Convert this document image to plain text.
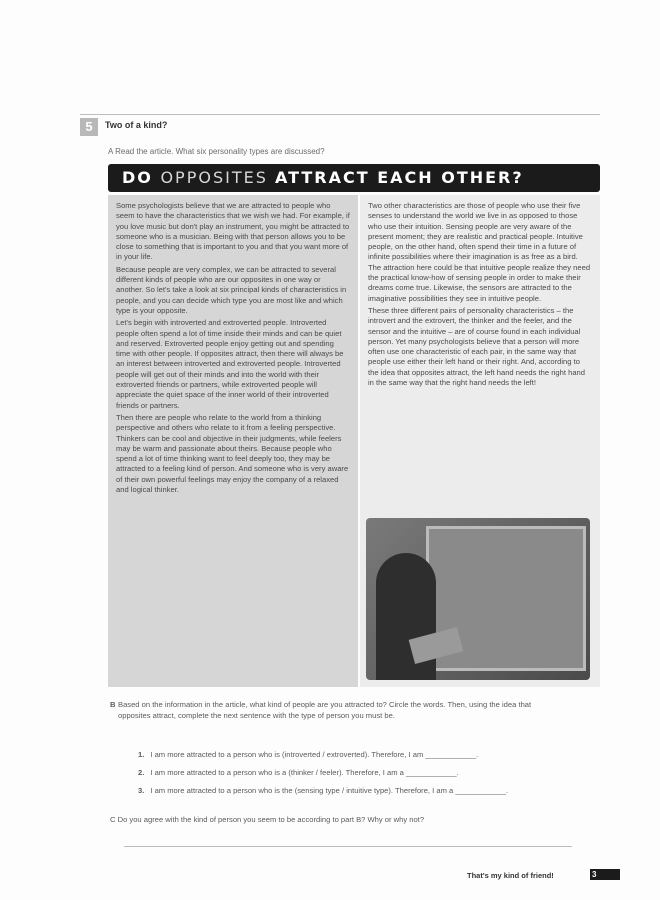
5	Two of a kind?
A Read the article. What six personality types are discussed?
DO OPPOSITES ATTRACT EACH OTHER?

Some psychologists believe that we are attracted to people who seem to have the characteristics that we wish we had. For example, if you love music but don't play an instrument, you might be attracted to someone who is a musician. Being with that person allows you to be close to something that is important to you and that you want more of in your life.

Because people are very complex, we can be attracted to several different kinds of people who are our opposites in one way or another. So let's take a look at six principal kinds of characteristics in people, and you can decide which type you are most like and which type is your opposite.

Let's begin with introverted and extroverted people. Introverted people often spend a lot of time inside their minds and can be quiet and reserved. Extroverted people enjoy getting out and spending time with other people. If opposites attract, then there will always be an interest between introverted and extroverted people. Introverted people will get out of their minds and into the world with their extroverted friends or partners, while extroverted people will appreciate the quiet space of the inner world of their introverted friends or partners.

Then there are people who relate to the world from a thinking perspective and others who relate to it from a feeling perspective. Thinkers can be cool and objective in their judgments, while feelers may be warm and passionate about theirs. Because people who spend a lot of time thinking want to feel deeply too, they may be attracted to a feeling kind of person. And someone who is very aware of their own powerful feelings may enjoy the company of a relaxed and logical thinker.

Two other characteristics are those of people who use their five senses to understand the world we live in as opposed to those who use their intuition. Sensing people are very aware of the present moment; they are realistic and practical people. Intuitive people, on the other hand, often spend their time in a future of infinite possibilities where their imagination is as free as a bird. The attraction here could be that intuitive people realize they need the practical know-how of sensing people in order to make their dreams come true. Likewise, the sensors are attracted to the imaginative possibilities they see in intuitive people.

These three different pairs of personality characteristics – the introvert and the extrovert, the thinker and the feeler, and the sensor and the intuitive – are of course found in each individual person. Yet many psychologists believe that a person will more often use one characteristic of each pair, in the same way that people use either their left hand or their right. And, according to the idea that opposites attract, the left hand needs the right hand in the same way that the right hand needs the left!

B Based on the information in the article, what kind of people are you attracted to? Circle the words. Then, using the idea that opposites attract, complete the next sentence with the type of person you must be.
1. I am more attracted to a person who is (introverted / extroverted). Therefore, I am ____________.
2. I am more attracted to a person who is a (thinker / feeler). Therefore, I am a ____________.
3. I am more attracted to a person who is the (sensing type / intuitive type). Therefore, I am a ____________.
C Do you agree with the kind of person you seem to be according to part B? Why or why not?
That's my kind of friend!	3
